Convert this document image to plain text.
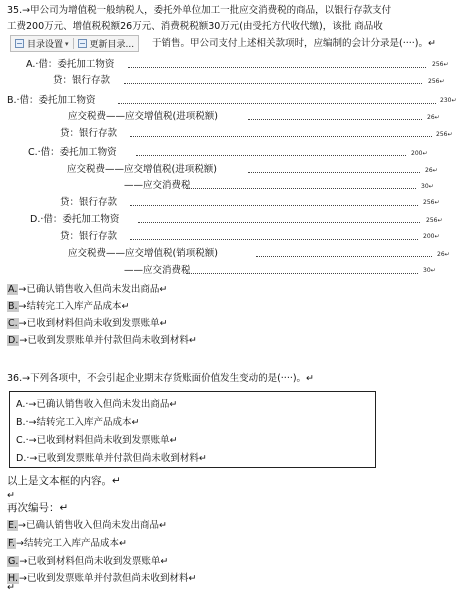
35.→甲公司为增值税一般纳税人，委托外单位加工一批应交消费税的商品，以银行存款支付
工费200万元、增值税税额26万元、消费税税额30万元(由受托方代收代缴)，该批 商品收
于销售。甲公司支付上述相关款项时，应编制的会计分录是(····)。↵
目录设置 ▾ 更新目录...
A.·借：委托加工物资	256↵
贷：银行存款	256↵
B.·借：委托加工物资	230↵
应交税费——应交增值税(进项税额)	26↵
贷：银行存款	256↵
C.·借：委托加工物资	200↵
应交税费——应交增值税(进项税额)	26↵
——应交消费税	30↵
贷：银行存款	256↵
D.·借：委托加工物资	256↵
贷：银行存款	200↵
应交税费——应交增值税(销项税额)	26↵
——应交消费税	30↵
A.→已确认销售收入但尚未发出商品↵
B.→结转完工入库产品成本↵
C.→已收到材料但尚未收到发票账单↵
D.→已收到发票账单并付款但尚未收到材料↵
36.→下列各项中，不会引起企业期末存货账面价值发生变动的是(····)。↵
A.·→已确认销售收入但尚未发出商品↵
B.·→结转完工入库产品成本↵
C.·→已收到材料但尚未收到发票账单↵
D.·→已收到发票账单并付款但尚未收到材料↵
以上是文本框的内容。↵
↵
再次编号：↵
E.→已确认销售收入但尚未发出商品↵
F.→结转完工入库产品成本↵
G.→已收到材料但尚未收到发票账单↵
H.→已收到发票账单并付款但尚未收到材料↵
↵
